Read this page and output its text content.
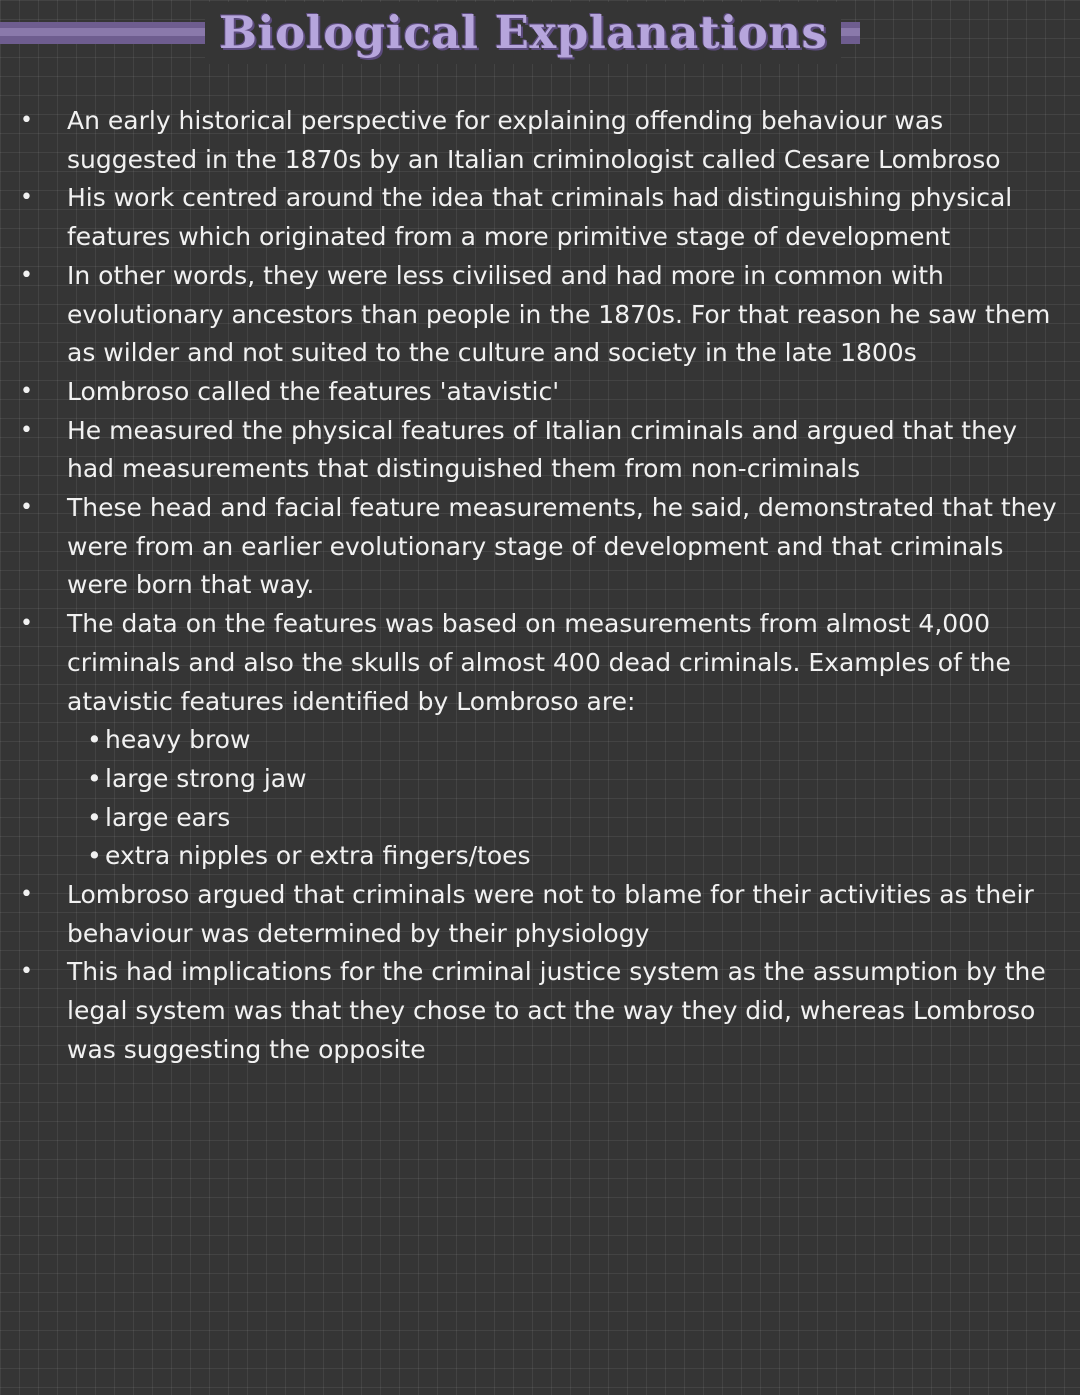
Biological Explanations
• An early historical perspective for explaining offending behaviour was suggested in the 1870s by an Italian criminologist called Cesare Lombroso
• His work centred around the idea that criminals had distinguishing physical features which originated from a more primitive stage of development
• In other words, they were less civilised and had more in common with evolutionary ancestors than people in the 1870s. For that reason he saw them as wilder and not suited to the culture and society in the late 1800s
• Lombroso called the features 'atavistic'
• He measured the physical features of Italian criminals and argued that they had measurements that distinguished them from non-criminals
• These head and facial feature measurements, he said, demonstrated that they were from an earlier evolutionary stage of development and that criminals were born that way.
• The data on the features was based on measurements from almost 4,000 criminals and also the skulls of almost 400 dead criminals. Examples of the atavistic features identified by Lombroso are:
• heavy brow
• large strong jaw
• large ears
• extra nipples or extra fingers/toes
• Lombroso argued that criminals were not to blame for their activities as their behaviour was determined by their physiology
• This had implications for the criminal justice system as the assumption by the legal system was that they chose to act the way they did, whereas Lombroso was suggesting the opposite
